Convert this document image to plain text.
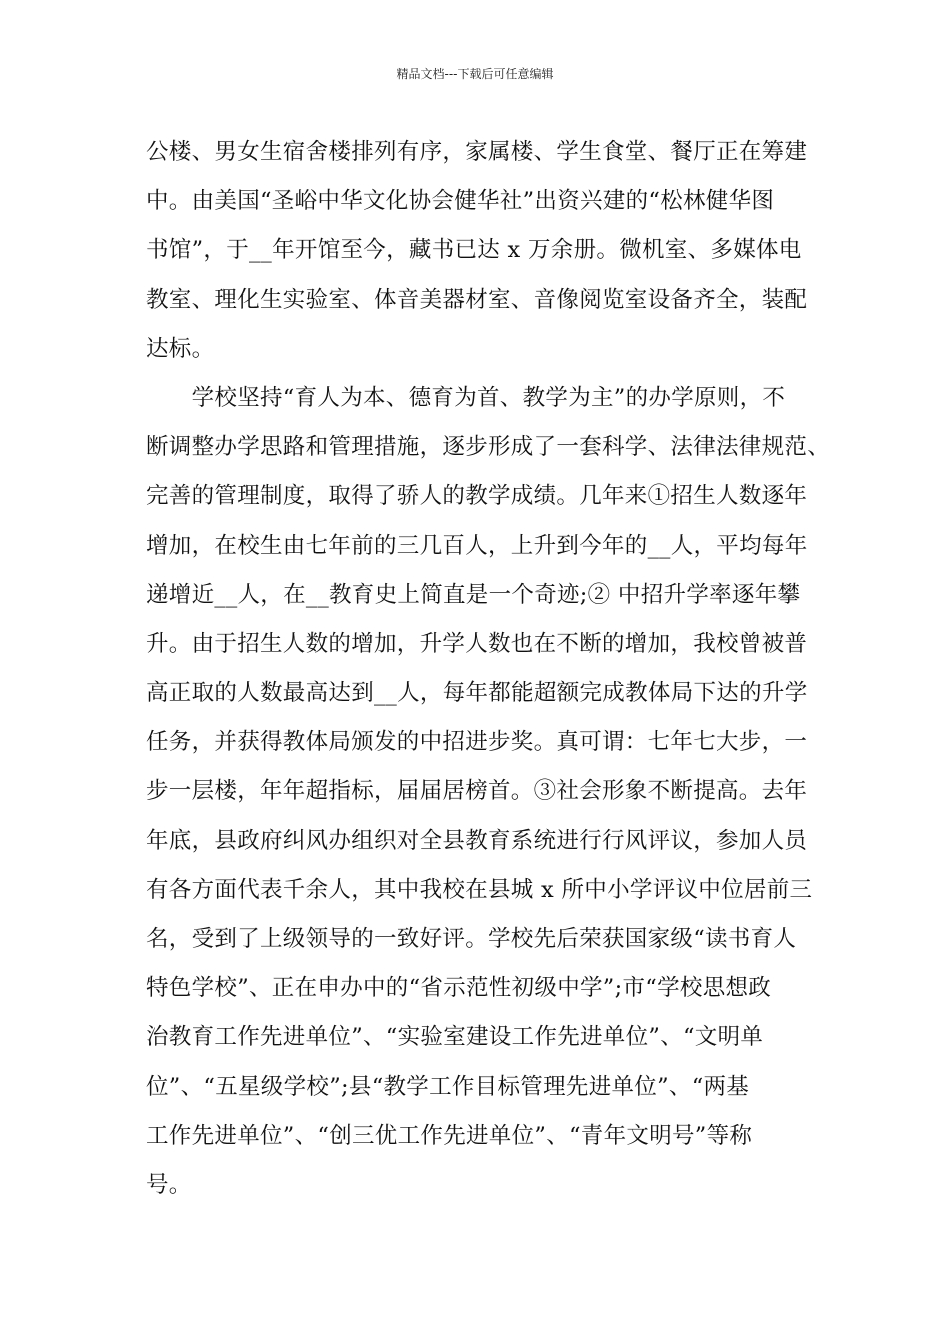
精品文档---下载后可任意编辑
公楼、男女生宿舍楼排列有序，家属楼、学生食堂、餐厅正在筹建
中。由美国“圣峪中华文化协会健华社”出资兴建的“松林健华图
书馆”，于__年开馆至今，藏书已达 x 万余册。微机室、多媒体电
教室、理化生实验室、体音美器材室、音像阅览室设备齐全，装配
达标。
　　学校坚持“育人为本、德育为首、教学为主”的办学原则，不
断调整办学思路和管理措施，逐步形成了一套科学、法律法律规范、
完善的管理制度，取得了骄人的教学成绩。几年来①招生人数逐年
增加，在校生由七年前的三几百人，上升到今年的__人，平均每年
递增近__人，在__教育史上简直是一个奇迹;② 中招升学率逐年攀
升。由于招生人数的增加，升学人数也在不断的增加，我校曾被普
高正取的人数最高达到__人，每年都能超额完成教体局下达的升学
任务，并获得教体局颁发的中招进步奖。真可谓：七年七大步，一
步一层楼，年年超指标，届届居榜首。③社会形象不断提高。去年
年底，县政府纠风办组织对全县教育系统进行行风评议，参加人员
有各方面代表千余人，其中我校在县城 x 所中小学评议中位居前三
名，受到了上级领导的一致好评。学校先后荣获国家级“读书育人
特色学校”、正在申办中的“省示范性初级中学”;市“学校思想政
治教育工作先进单位”、“实验室建设工作先进单位”、“文明单
位”、“五星级学校”;县“教学工作目标管理先进单位”、“两基
工作先进单位”、“创三优工作先进单位”、“青年文明号”等称
号。
